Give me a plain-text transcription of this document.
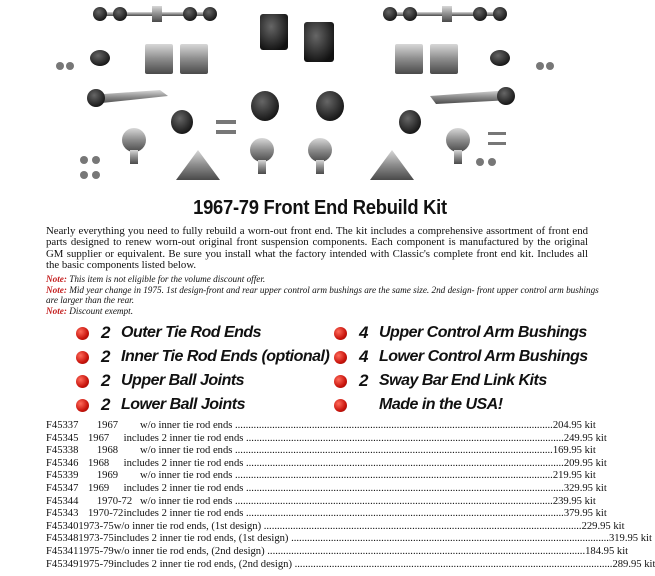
1967-79 Front End Rebuild Kit
Nearly everything you need to fully rebuild a worn-out front end. The kit includes a comprehensive assortment of front end parts designed to renew worn-out original front suspension components. Each component is manufactured by the original GM supplier or equivalent. Be sure you install what the factory intended with Classic's complete front end kit. Includes all the basic components listed below.
Note: This item is not eligible for the volume discount offer.
Note: Mid year change in 1975. 1st design-front and rear upper control arm bushings are the same size. 2nd design- front upper control arm bushings are larger than the rear.
Note: Discount exempt.
2 Outer Tie Rod Ends
2 Inner Tie Rod Ends (optional)
2 Upper Ball Joints
2 Lower Ball Joints
4 Upper Control Arm Bushings
4 Lower Control Arm Bushings
2 Sway Bar End Link Kits
Made in the USA!
F45337	1967	w/o inner tie rod ends ........................................................................................................................ 204.95 kit
F45345 1967	includes 2 inner tie rod ends ........................................................................................................................ 249.95 kit
F45338	1968	w/o inner tie rod ends ........................................................................................................................ 169.95 kit
F45346 1968	includes 2 inner tie rod ends ........................................................................................................................ 209.95 kit
F45339	1969	w/o inner tie rod ends ........................................................................................................................ 219.95 kit
F45347 1969	includes 2 inner tie rod ends ........................................................................................................................ 329.95 kit
F45344	1970-72 w/o inner tie rod ends ........................................................................................................................ 239.95 kit
F45343 1970-72 includes 2 inner tie rod ends ........................................................................................................................ 379.95 kit
F45340 1973-75 w/o inner tie rod ends, (1st design) ........................................................................................................................ 229.95 kit
F45348 1973-75 includes 2 inner tie rod ends, (1st design) ........................................................................................................................ 319.95 kit
F45341 1975-79 w/o inner tie rod ends, (2nd design) ........................................................................................................................ 184.95 kit
F45349 1975-79 includes 2 inner tie rod ends, (2nd design) ........................................................................................................................ 289.95 kit
